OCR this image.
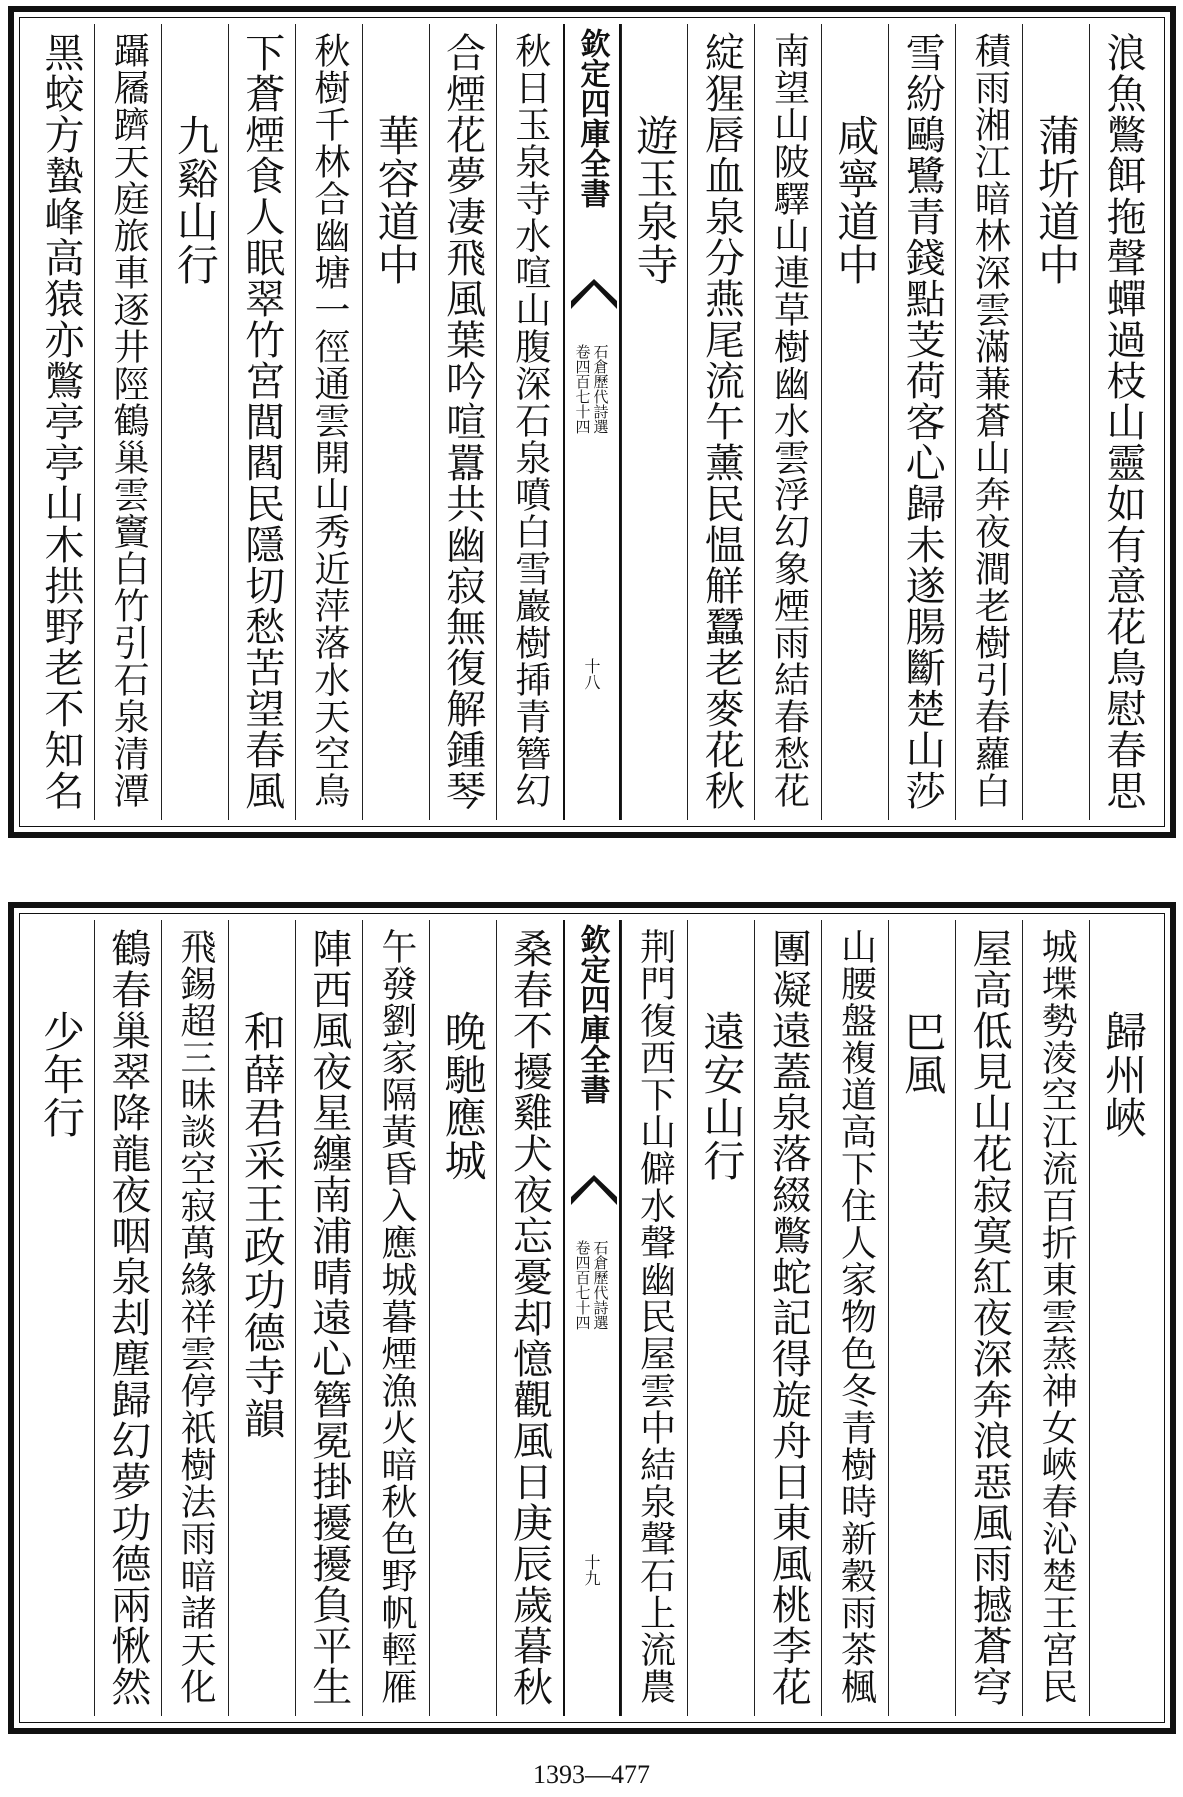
浪魚鷩餌拖聲蟬過枝山靈如有意花鳥慰春思
蒲圻道中
積雨湘江暗林深雲滿蒹蒼山奔夜澗老樹引春蘿白
雪紛鷗鷺青錢點芰荷客心歸未遂腸斷楚山莎
咸寧道中
南望山陂驛山連草樹幽水雲浮幻象煙雨結春愁花
綻猩唇血泉分燕尾流午薰民愠觧蠶老麥花秋
遊玉泉寺
欽定四庫全書
卷四百七十四 石倉歷代詩選
十八
秋日玉泉寺水喧山腹深石泉噴白雪巖樹揷青簪幻
合煙花夢凄飛風葉吟喧囂共幽寂無復解鍾琴
華容道中
秋樹千林合幽塘一徑通雲開山秀近萍落水天空鳥
下蒼煙食人眠翠竹宮閭閻民隱切愁苦望春風
九谿山行
躡屩躋天庭旅車逐井陘鶴巢雲竇白竹引石泉清潭
黑蛟方蟄峰高猿亦鷩亭亭山木拱野老不知名
歸州峽
城堞勢淩空江流百折東雲蒸神女峽春沁楚王宮民
屋高低見山花寂寞紅夜深奔浪惡風雨撼蒼穹
巴風
山腰盤複道高下住人家物色冬青樹時新穀雨茶楓
團凝遠蓋泉落綴鷩蛇記得旋舟日東風桃李花
遠安山行
荆門復西下山僻水聲幽民屋雲中結泉聲石上流農
欽定四庫全書
卷四百七十四 石倉歷代詩選
十九
桑春不擾雞犬夜忘憂却憶觀風日庚辰歲暮秋
晚馳應城
午發劉家隔黃昏入應城暮煙漁火暗秋色野帆輕雁
陣西風夜星纏南浦晴遠心簪冕掛擾擾負平生
和薛君采王政功德寺韻
飛錫超三昧談空寂萬緣祥雲停祇樹法雨暗諸天化
鶴春巢翠降龍夜咽泉刦塵歸幻夢功德兩愀然
少年行
1393—477
